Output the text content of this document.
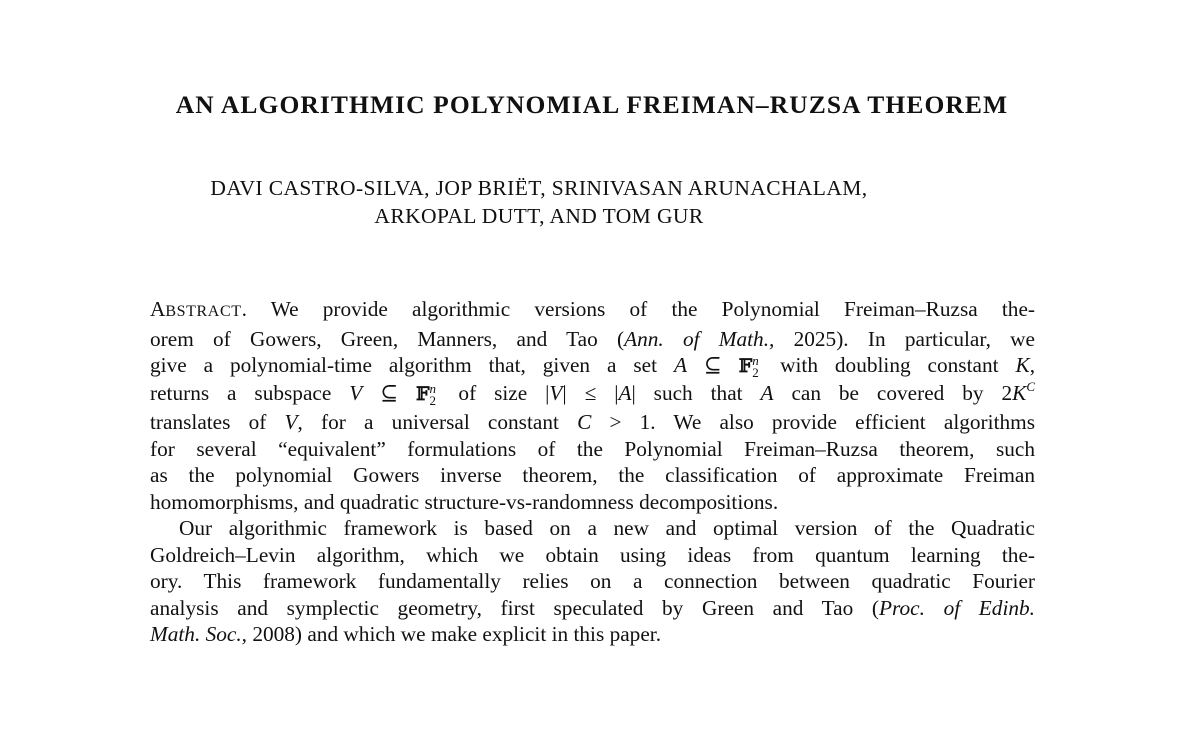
AN ALGORITHMIC POLYNOMIAL FREIMAN–RUZSA THEOREM
DAVI CASTRO-SILVA, JOP BRIËT, SRINIVASAN ARUNACHALAM,
ARKOPAL DUTT, AND TOM GUR
ABSTRACT. We provide algorithmic versions of the Polynomial Freiman–Ruzsa the-
orem of Gowers, Green, Manners, and Tao (Ann. of Math., 2025). In particular, we
give a polynomial-time algorithm that, given a set A ⊆ 𝔽 n
2 with doubling constant K,
returns a subspace V ⊆ 𝔽 n
2 of size |V| ≤ |A| such that A can be covered by $2K^C$
translates of V, for a universal constant C > 1. We also provide efficient algorithms
for several “equivalent” formulations of the Polynomial Freiman–Ruzsa theorem, such
as the polynomial Gowers inverse theorem, the classification of approximate Freiman
homomorphisms, and quadratic structure-vs-randomness decompositions.
Our algorithmic framework is based on a new and optimal version of the Quadratic
Goldreich–Levin algorithm, which we obtain using ideas from quantum learning the-
ory. This framework fundamentally relies on a connection between quadratic Fourier
analysis and symplectic geometry, first speculated by Green and Tao (Proc. of Edinb.
Math. Soc., 2008) and which we make explicit in this paper.
